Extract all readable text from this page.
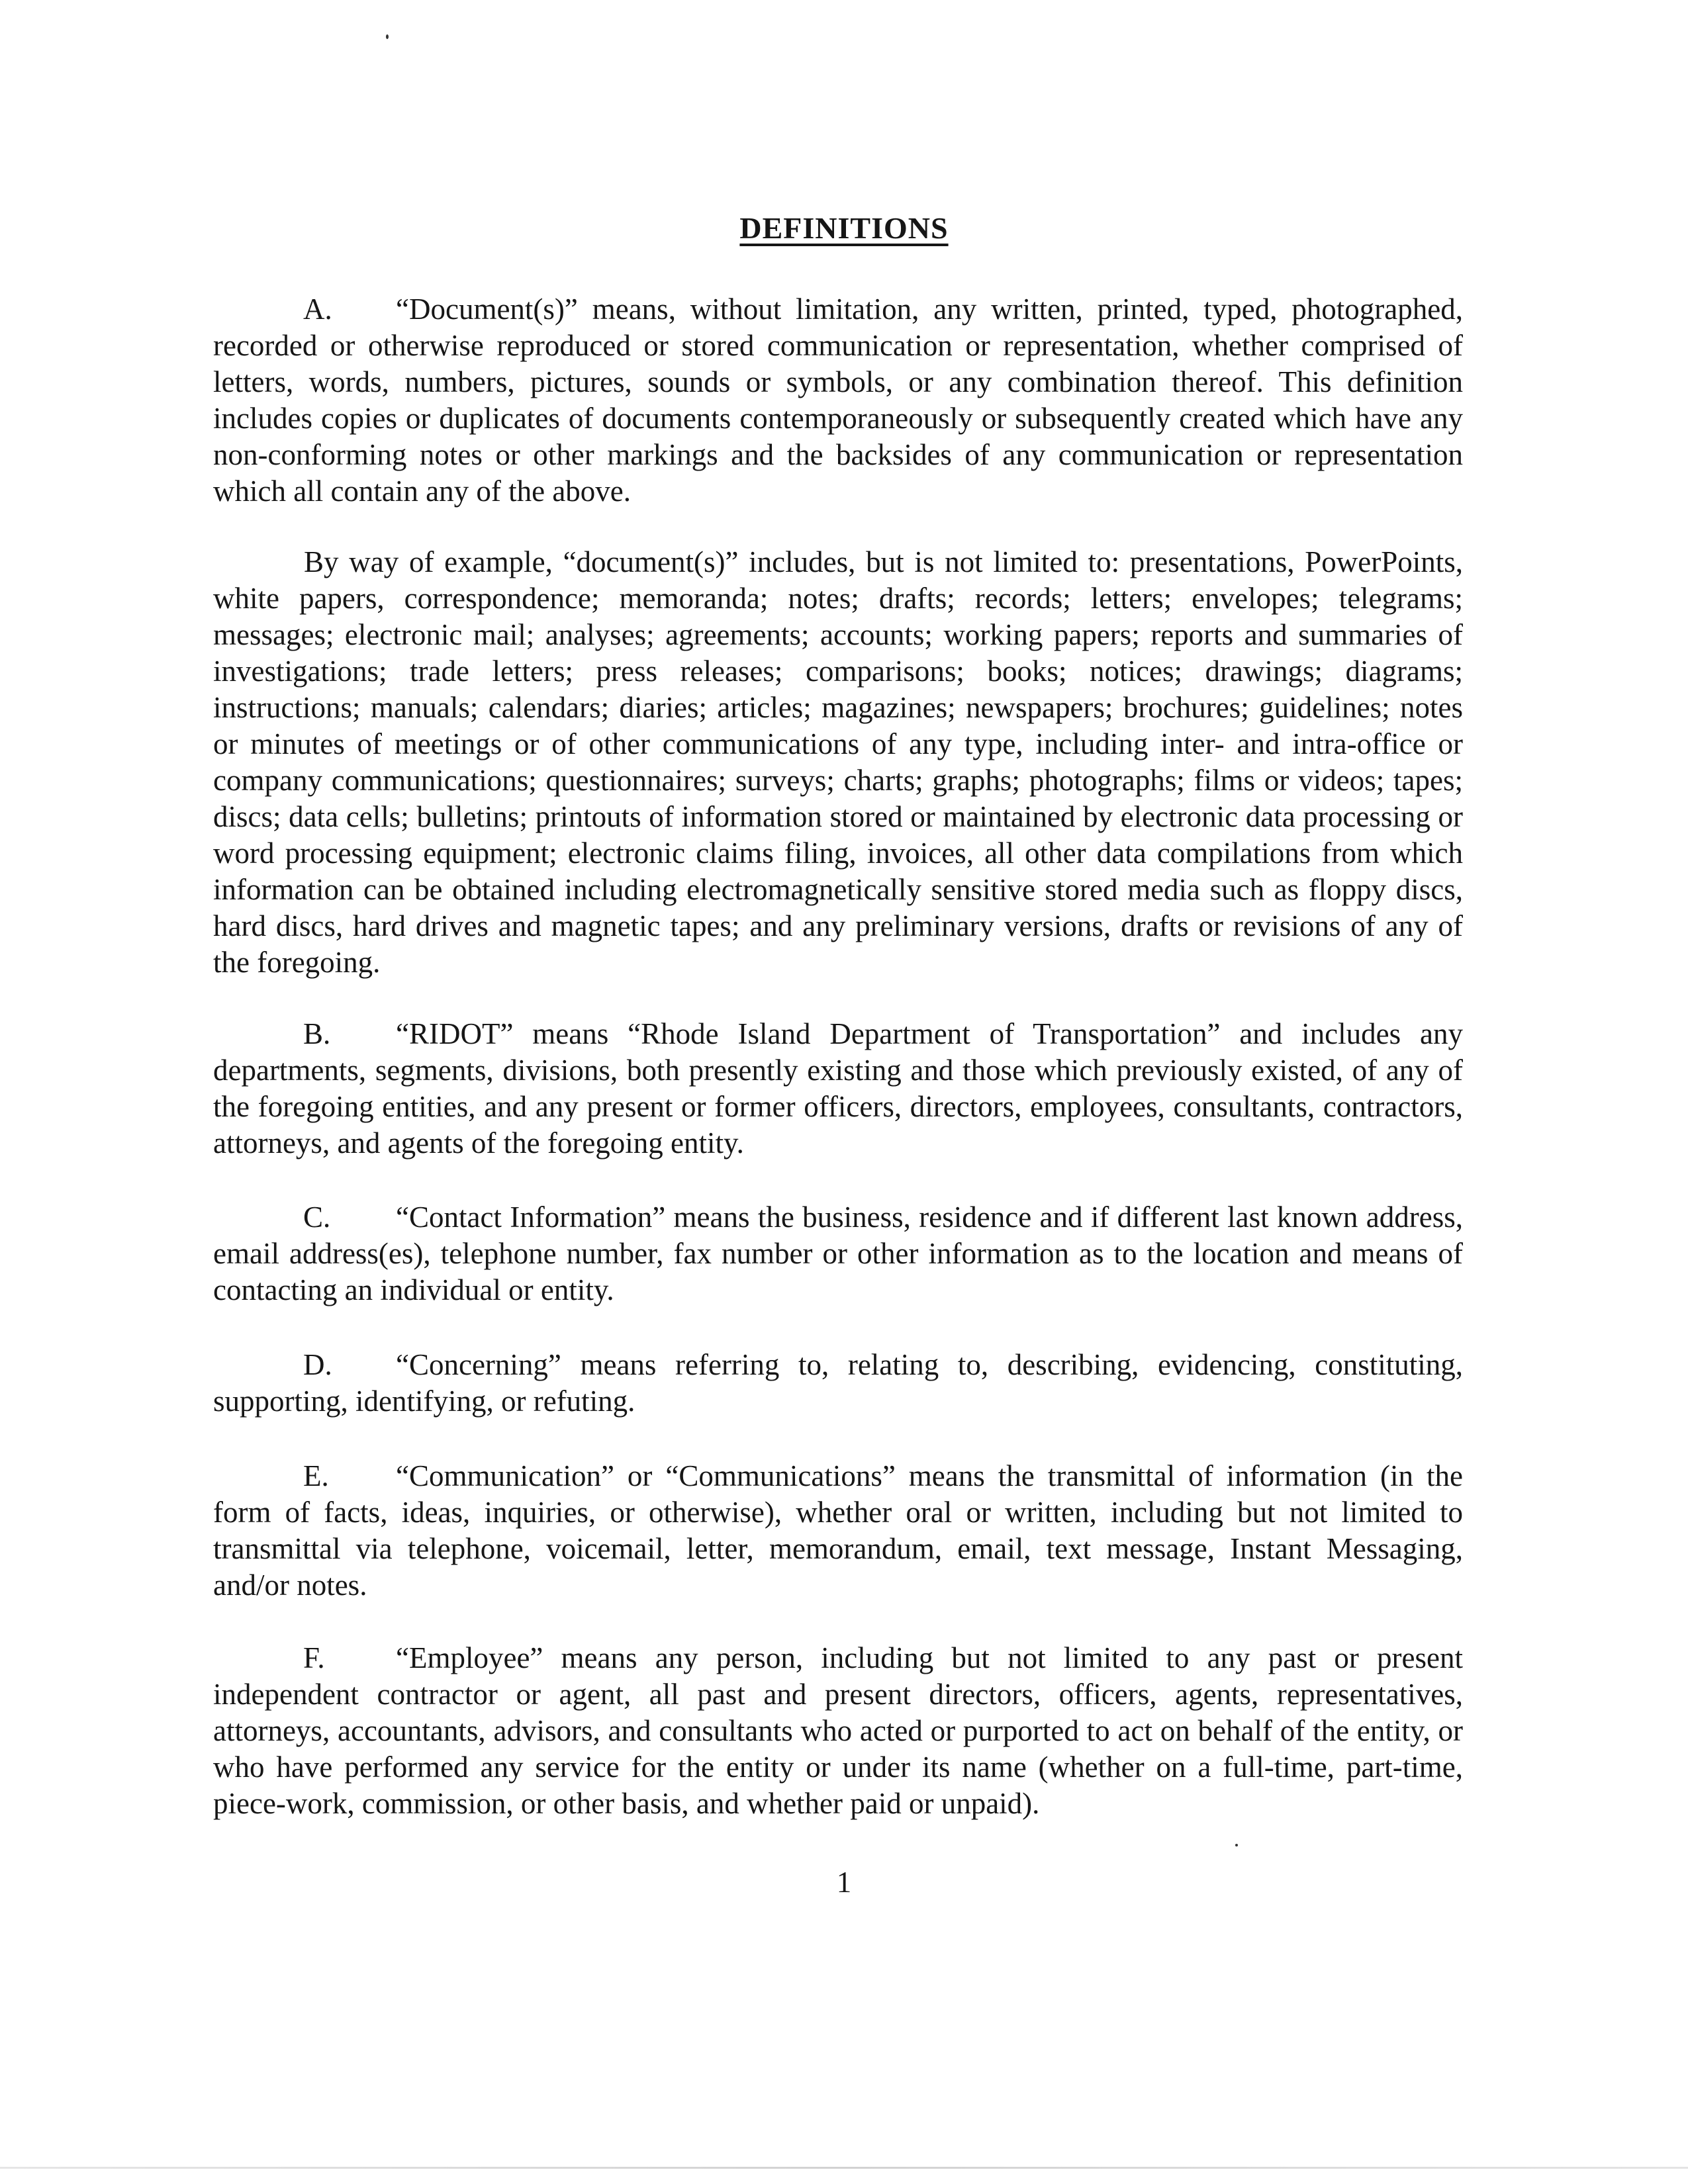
DEFINITIONS

A. “Document(s)” means, without limitation, any written, printed, typed, photographed, recorded or otherwise reproduced or stored communication or representation, whether comprised of letters, words, numbers, pictures, sounds or symbols, or any combination thereof. This definition includes copies or duplicates of documents contemporaneously or subsequently created which have any non-conforming notes or other markings and the backsides of any communication or representation which all contain any of the above.

By way of example, “document(s)” includes, but is not limited to: presentations, PowerPoints, white papers, correspondence; memoranda; notes; drafts; records; letters; envelopes; telegrams; messages; electronic mail; analyses; agreements; accounts; working papers; reports and summaries of investigations; trade letters; press releases; comparisons; books; notices; drawings; diagrams; instructions; manuals; calendars; diaries; articles; magazines; newspapers; brochures; guidelines; notes or minutes of meetings or of other communications of any type, including inter- and intra-office or company communications; questionnaires; surveys; charts; graphs; photographs; films or videos; tapes; discs; data cells; bulletins; printouts of information stored or maintained by electronic data processing or word processing equipment; electronic claims filing, invoices, all other data compilations from which information can be obtained including electromagnetically sensitive stored media such as floppy discs, hard discs, hard drives and magnetic tapes; and any preliminary versions, drafts or revisions of any of the foregoing.

B. “RIDOT” means “Rhode Island Department of Transportation” and includes any departments, segments, divisions, both presently existing and those which previously existed, of any of the foregoing entities, and any present or former officers, directors, employees, consultants, contractors, attorneys, and agents of the foregoing entity.

C. “Contact Information” means the business, residence and if different last known address, email address(es), telephone number, fax number or other information as to the location and means of contacting an individual or entity.

D. “Concerning” means referring to, relating to, describing, evidencing, constituting, supporting, identifying, or refuting.

E. “Communication” or “Communications” means the transmittal of information (in the form of facts, ideas, inquiries, or otherwise), whether oral or written, including but not limited to transmittal via telephone, voicemail, letter, memorandum, email, text message, Instant Messaging, and/or notes.

F. “Employee” means any person, including but not limited to any past or present independent contractor or agent, all past and present directors, officers, agents, representatives, attorneys, accountants, advisors, and consultants who acted or purported to act on behalf of the entity, or who have performed any service for the entity or under its name (whether on a full-time, part-time, piece-work, commission, or other basis, and whether paid or unpaid).

1
